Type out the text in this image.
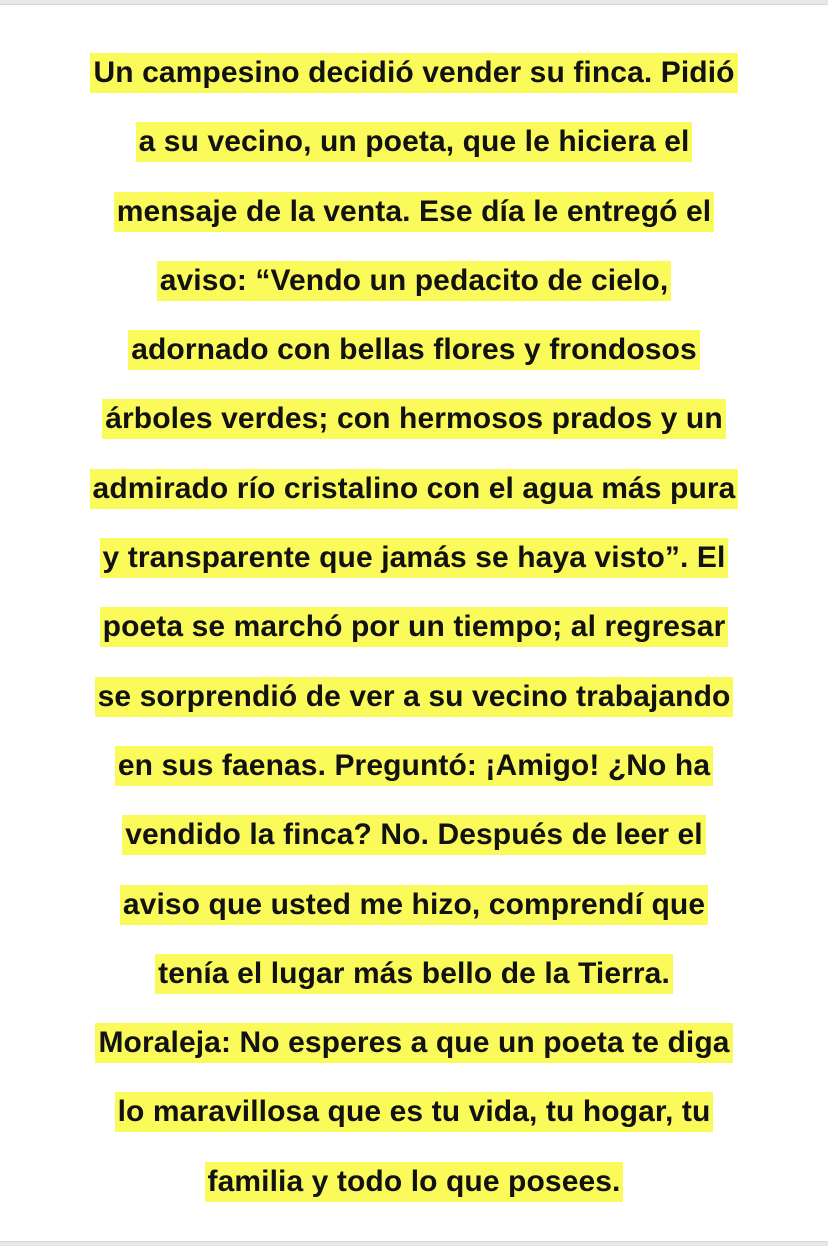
Un campesino decidió vender su finca. Pidió
a su vecino, un poeta, que le hiciera el
mensaje de la venta. Ese día le entregó el
aviso: “Vendo un pedacito de cielo,
adornado con bellas flores y frondosos
árboles verdes; con hermosos prados y un
admirado río cristalino con el agua más pura
y transparente que jamás se haya visto”. El
poeta se marchó por un tiempo; al regresar
se sorprendió de ver a su vecino trabajando
en sus faenas. Preguntó: ¡Amigo! ¿No ha
vendido la finca? No. Después de leer el
aviso que usted me hizo, comprendí que
tenía el lugar más bello de la Tierra.
Moraleja: No esperes a que un poeta te diga
lo maravillosa que es tu vida, tu hogar, tu
familia y todo lo que posees.
